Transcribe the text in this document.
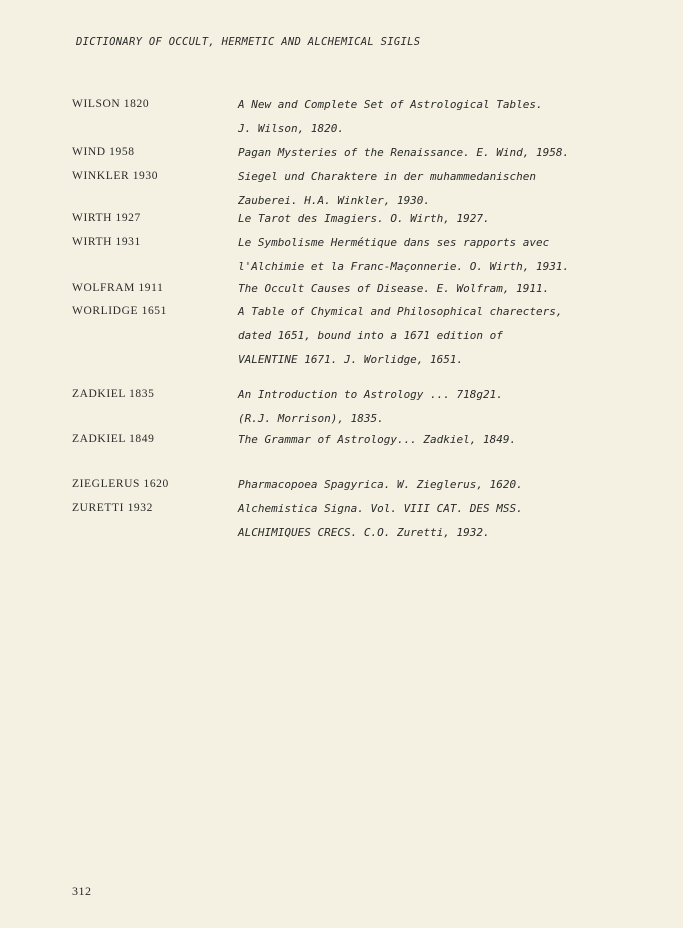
DICTIONARY OF OCCULT, HERMETIC AND ALCHEMICAL SIGILS
WILSON 1820	A New and Complete Set of Astrological Tables.
J. Wilson, 1820.
WIND 1958	Pagan Mysteries of the Renaissance. E. Wind, 1958.
WINKLER 1930	Siegel und Charaktere in der muhammedanischen
Zauberei. H.A. Winkler, 1930.
WIRTH 1927	Le Tarot des Imagiers. O. Wirth, 1927.
WIRTH 1931	Le Symbolisme Hermétique dans ses rapports avec
l'Alchimie et la Franc-Maçonnerie. O. Wirth, 1931.
WOLFRAM 1911	The Occult Causes of Disease. E. Wolfram, 1911.
WORLIDGE 1651	A Table of Chymical and Philosophical charecters,
dated 1651, bound into a 1671 edition of
VALENTINE 1671. J. Worlidge, 1651.
ZADKIEL 1835	An Introduction to Astrology ... 718g21.
(R.J. Morrison), 1835.
ZADKIEL 1849	The Grammar of Astrology... Zadkiel, 1849.
ZIEGLERUS 1620	Pharmacopoea Spagyrica. W. Zieglerus, 1620.
ZURETTI 1932	Alchemistica Signa. Vol. VIII CAT. DES MSS.
ALCHIMIQUES CRECS. C.O. Zuretti, 1932.
312
